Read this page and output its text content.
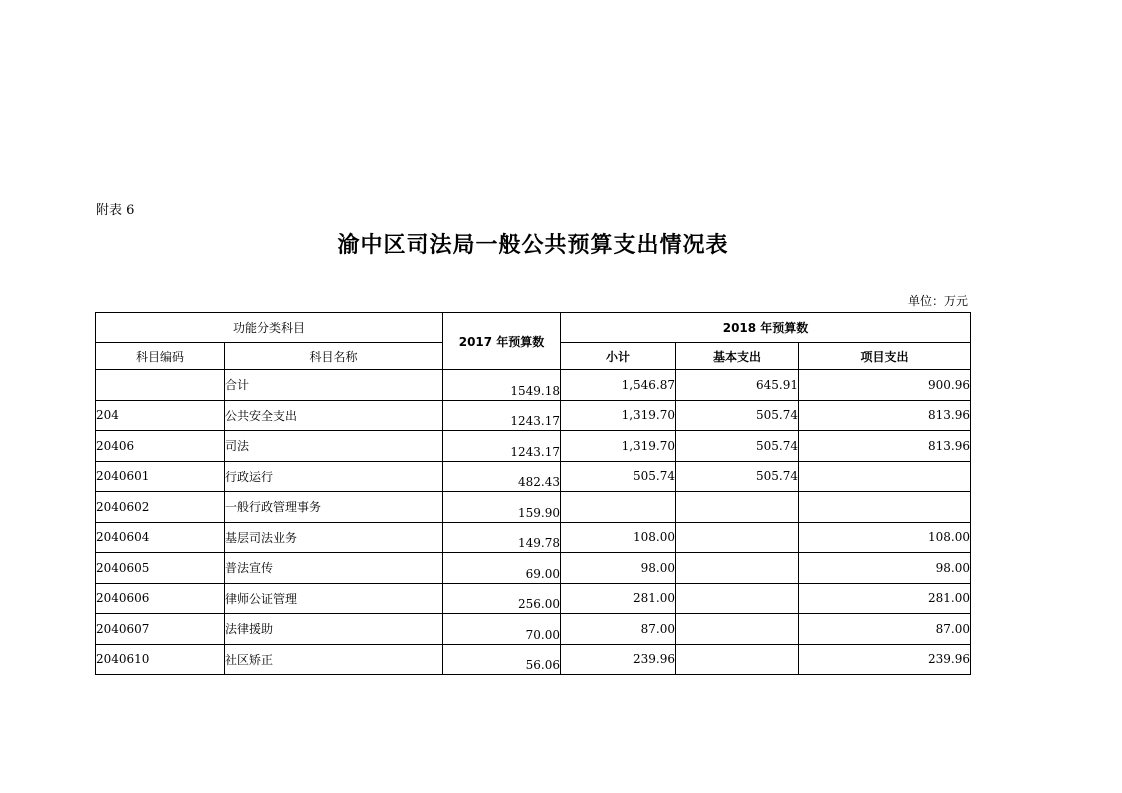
附表 6
渝中区司法局一般公共预算支出情况表
单位：万元
功能分类科目		2017 年预算数	2018 年预算数		
科目编码	科目名称		小计	基本支出	项目支出
	合计	1549.18	1,546.87	645.91	900.96
204	公共安全支出	1243.17	1,319.70	505.74	813.96
20406	司法	1243.17	1,319.70	505.74	813.96
2040601	行政运行	482.43	505.74	505.74	
2040602	一般行政管理事务	159.90			
2040604	基层司法业务	149.78	108.00		108.00
2040605	普法宣传	69.00	98.00		98.00
2040606	律师公证管理	256.00	281.00		281.00
2040607	法律援助	70.00	87.00		87.00
2040610	社区矫正	56.06	239.96		239.96
